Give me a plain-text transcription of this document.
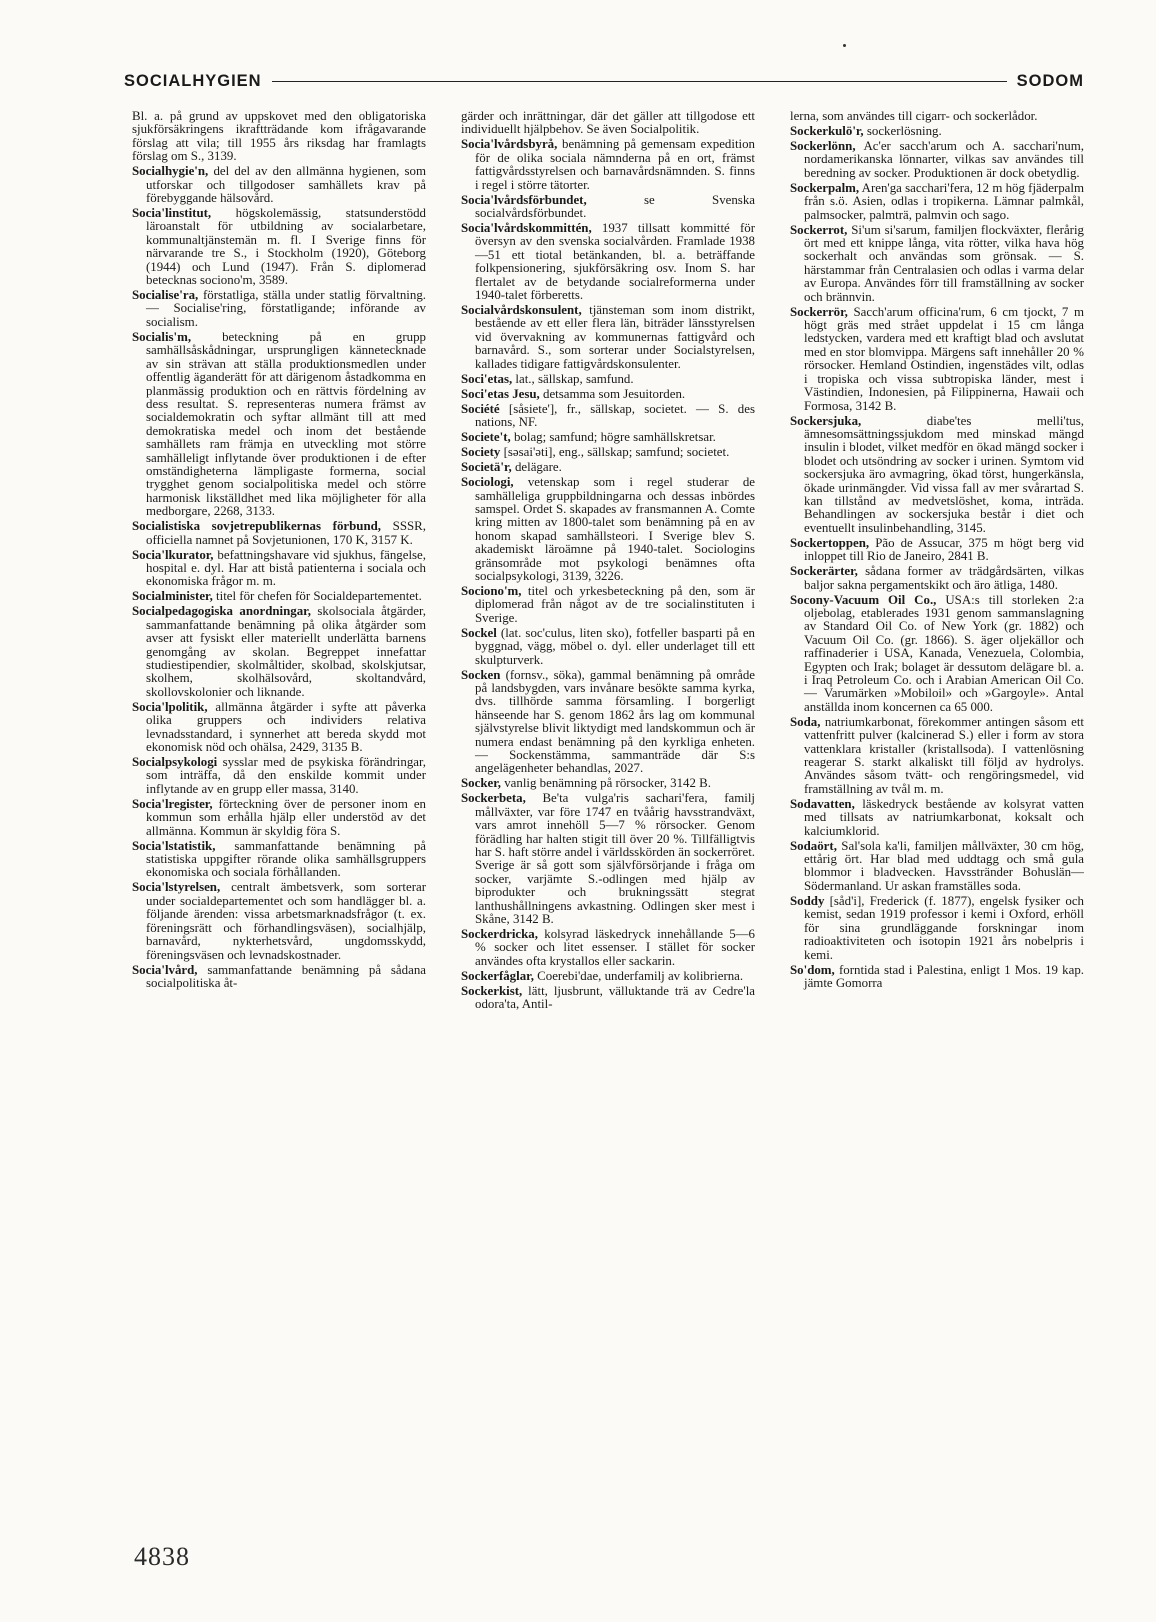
SOCIALHYGIEN	SODOM

Bl. a. på grund av uppskovet med den obligatoriska sjukförsäkringens ikraftträdande kom ifrågavarande förslag att vila; till 1955 års riksdag har framlagts förslag om S., 3139.

Socialhygie'n, del del av den allmänna hygienen, som utforskar och tillgodoser samhällets krav på förebyggande hälsovård.

Socia'linstitut, högskolemässig, statsunderstödd läroanstalt för utbildning av socialarbetare, kommunaltjänstemän m. fl. I Sverige finns för närvarande tre S., i Stockholm (1920), Göteborg (1944) och Lund (1947). Från S. diplomerad betecknas sociono'm, 3589.

Socialise'ra, förstatliga, ställa under statlig förvaltning. — Socialise'ring, förstatligande; införande av socialism.

Socialis'm, beteckning på en grupp samhällsåskådningar, ursprungligen kännetecknade av sin strävan att ställa produktionsmedlen under offentlig äganderätt för att därigenom åstadkomma en planmässig produktion och en rättvis fördelning av dess resultat. S. representeras numera främst av socialdemokratin och syftar allmänt till att med demokratiska medel och inom det bestående samhällets ram främja en utveckling mot större samhälleligt inflytande över produktionen i de efter omständigheterna lämpligaste formerna, social trygghet genom socialpolitiska medel och större harmonisk likställdhet med lika möjligheter för alla medborgare, 2268, 3133.

Socialistiska sovjetrepublikernas förbund, SSSR, officiella namnet på Sovjetunionen, 170 K, 3157 K.

Socia'lkurator, befattningshavare vid sjukhus, fängelse, hospital e. dyl. Har att bistå patienterna i sociala och ekonomiska frågor m. m.

Socialminister, titel för chefen för Socialdepartementet.

Socialpedagogiska anordningar, skolsociala åtgärder, sammanfattande benämning på olika åtgärder som avser att fysiskt eller materiellt underlätta barnens genomgång av skolan. Begreppet innefattar studiestipendier, skolmåltider, skolbad, skolskjutsar, skolhem, skolhälsovård, skoltandvård, skollovskolonier och liknande.

Socia'lpolitik, allmänna åtgärder i syfte att påverka olika gruppers och individers relativa levnadsstandard, i synnerhet att bereda skydd mot ekonomisk nöd och ohälsa, 2429, 3135 B.

Socialpsykologi sysslar med de psykiska förändringar, som inträffa, då den enskilde kommit under inflytande av en grupp eller massa, 3140.

Socia'lregister, förteckning över de personer inom en kommun som erhålla hjälp eller understöd av det allmänna. Kommun är skyldig föra S.

Socia'lstatistik, sammanfattande benämning på statistiska uppgifter rörande olika samhällsgruppers ekonomiska och sociala förhållanden.

Socia'lstyrelsen, centralt ämbetsverk, som sorterar under socialdepartementet och som handlägger bl. a. följande ärenden: vissa arbetsmarknadsfrågor (t. ex. föreningsrätt och förhandlingsväsen), socialhjälp, barnavård, nykterhetsvård, ungdomsskydd, föreningsväsen och levnadskostnader.

Socia'lvård, sammanfattande benämning på sådana socialpolitiska åt-

gärder och inrättningar, där det gäller att tillgodose ett individuellt hjälpbehov. Se även Socialpolitik.

Socia'lvårdsbyrå, benämning på gemensam expedition för de olika sociala nämnderna på en ort, främst fattigvårdsstyrelsen och barnavårdsnämnden. S. finns i regel i större tätorter.

Socia'lvårdsförbundet, se Svenska socialvårdsförbundet.

Socia'lvårdskommittén, 1937 tillsatt kommitté för översyn av den svenska socialvården. Framlade 1938—51 ett tiotal betänkanden, bl. a. beträffande folkpensionering, sjukförsäkring osv. Inom S. har flertalet av de betydande socialreformerna under 1940-talet förberetts.

Socialvårdskonsulent, tjänsteman som inom distrikt, bestående av ett eller flera län, biträder länsstyrelsen vid övervakning av kommunernas fattigvård och barnavård. S., som sorterar under Socialstyrelsen, kallades tidigare fattigvårdskonsulenter.

Soci'etas, lat., sällskap, samfund.

Soci'etas Jesu, detsamma som Jesuitorden.

Société [såsiete'], fr., sällskap, societet. — S. des nations, NF.

Societe't, bolag; samfund; högre samhällskretsar.

Society [səsai'əti], eng., sällskap; samfund; societet.

Societä'r, delägare.

Sociologi, vetenskap som i regel studerar de samhälleliga gruppbildningarna och dessas inbördes samspel. Ordet S. skapades av fransmannen A. Comte kring mitten av 1800-talet som benämning på en av honom skapad samhällsteori. I Sverige blev S. akademiskt läroämne på 1940-talet. Sociologins gränsområde mot psykologi benämnes ofta socialpsykologi, 3139, 3226.

Sociono'm, titel och yrkesbeteckning på den, som är diplomerad från något av de tre socialinstituten i Sverige.

Sockel (lat. soc'culus, liten sko), fotfeller basparti på en byggnad, vägg, möbel o. dyl. eller underlaget till ett skulpturverk.

Socken (fornsv., söka), gammal benämning på område på landsbygden, vars invånare besökte samma kyrka, dvs. tillhörde samma församling. I borgerligt hänseende har S. genom 1862 års lag om kommunal självstyrelse blivit liktydigt med landskommun och är numera endast benämning på den kyrkliga enheten. — Sockenstämma, sammanträde där S:s angelägenheter behandlas, 2027.

Socker, vanlig benämning på rörsocker, 3142 B.

Sockerbeta, Be'ta vulga'ris sachari'fera, familj mållväxter, var före 1747 en tvåårig havsstrandväxt, vars amrot innehöll 5—7 % rörsocker. Genom förädling har halten stigit till över 20 %. Tillfälligtvis har S. haft större andel i världsskörden än sockerröret. Sverige är så gott som självförsörjande i fråga om socker, varjämte S.-odlingen med hjälp av biprodukter och brukningssätt stegrat lanthushållningens avkastning. Odlingen sker mest i Skåne, 3142 B.

Sockerdricka, kolsyrad läskedryck innehållande 5—6 % socker och litet essenser. I stället för socker användes ofta krystallos eller sackarin.

Sockerfåglar, Coerebi'dae, underfamilj av kolibrierna.

Sockerkist, lätt, ljusbrunt, välluktande trä av Cedre'la odora'ta, Antil-

lerna, som användes till cigarr- och sockerlådor.

Sockerkulö'r, sockerlösning.

Sockerlönn, Ac'er sacch'arum och A. sacchari'num, nordamerikanska lönnarter, vilkas sav användes till beredning av socker. Produktionen är dock obetydlig.

Sockerpalm, Aren'ga sacchari'fera, 12 m hög fjäderpalm från s.ö. Asien, odlas i tropikerna. Lämnar palmkål, palmsocker, palmträ, palmvin och sago.

Sockerrot, Si'um si'sarum, familjen flockväxter, flerårig ört med ett knippe långa, vita rötter, vilka hava hög sockerhalt och användas som grönsak. — S. härstammar från Centralasien och odlas i varma delar av Europa. Användes förr till framställning av socker och brännvin.

Sockerrör, Sacch'arum officina'rum, 6 cm tjockt, 7 m högt gräs med strået uppdelat i 15 cm långa ledstycken, vardera med ett kraftigt blad och avslutat med en stor blomvippa. Märgens saft innehåller 20 % rörsocker. Hemland Ostindien, ingenstädes vilt, odlas i tropiska och vissa subtropiska länder, mest i Västindien, Indonesien, på Filippinerna, Hawaii och Formosa, 3142 B.

Sockersjuka, diabe'tes melli'tus, ämnesomsättningssjukdom med minskad mängd insulin i blodet, vilket medför en ökad mängd socker i blodet och utsöndring av socker i urinen. Symtom vid sockersjuka äro avmagring, ökad törst, hungerkänsla, ökade urinmängder. Vid vissa fall av mer svårartad S. kan tillstånd av medvetslöshet, koma, inträda. Behandlingen av sockersjuka består i diet och eventuellt insulinbehandling, 3145.

Sockertoppen, Pão de Assucar, 375 m högt berg vid inloppet till Rio de Janeiro, 2841 B.

Sockerärter, sådana former av trädgårdsärten, vilkas baljor sakna pergamentskikt och äro ätliga, 1480.

Socony-Vacuum Oil Co., USA:s till storleken 2:a oljebolag, etablerades 1931 genom sammanslagning av Standard Oil Co. of New York (gr. 1882) och Vacuum Oil Co. (gr. 1866). S. äger oljekällor och raffinaderier i USA, Kanada, Venezuela, Colombia, Egypten och Irak; bolaget är dessutom delägare bl. a. i Iraq Petroleum Co. och i Arabian American Oil Co. — Varumärken »Mobiloil» och »Gargoyle». Antal anställda inom koncernen ca 65 000.

Soda, natriumkarbonat, förekommer antingen såsom ett vattenfritt pulver (kalcinerad S.) eller i form av stora vattenklara kristaller (kristallsoda). I vattenlösning reagerar S. starkt alkaliskt till följd av hydrolys. Användes såsom tvätt- och rengöringsmedel, vid framställning av tvål m. m.

Sodavatten, läskedryck bestående av kolsyrat vatten med tillsats av natriumkarbonat, koksalt och kalciumklorid.

Sodaört, Sal'sola ka'li, familjen mållväxter, 30 cm hög, ettårig ört. Har blad med uddtagg och små gula blommor i bladvecken. Havsstränder Bohuslän—Södermanland. Ur askan framställes soda.

Soddy [såd'i], Frederick (f. 1877), engelsk fysiker och kemist, sedan 1919 professor i kemi i Oxford, erhöll för sina grundläggande forskningar inom radioaktiviteten och isotopin 1921 års nobelpris i kemi.

So'dom, forntida stad i Palestina, enligt 1 Mos. 19 kap. jämte Gomorra

4838
